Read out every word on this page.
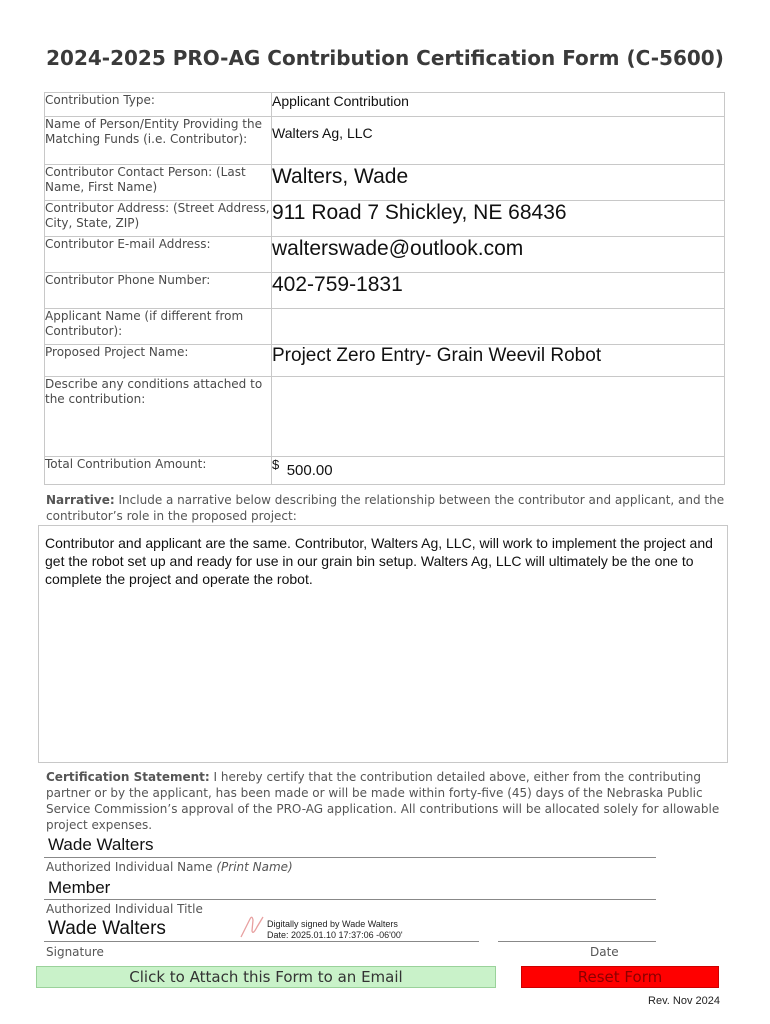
2024-2025 PRO-AG Contribution Certification Form (C-5600)
Contribution Type:	Applicant Contribution
Name of Person/Entity Providing the Matching Funds (i.e. Contributor):	Walters Ag, LLC
Contributor Contact Person: (Last Name, First Name)	Walters, Wade
Contributor Address: (Street Address, City, State, ZIP)	911 Road 7 Shickley, NE 68436
Contributor E-mail Address:	walterswade@outlook.com
Contributor Phone Number:	402-759-1831
Applicant Name (if different from Contributor):	
Proposed Project Name:	Project Zero Entry- Grain Weevil Robot
Describe any conditions attached to the contribution:	
Total Contribution Amount:	$ 500.00
Narrative: Include a narrative below describing the relationship between the contributor and applicant, and the contributor’s role in the proposed project:
Contributor and applicant are the same. Contributor, Walters Ag, LLC, will work to implement the project and get the robot set up and ready for use in our grain bin setup. Walters Ag, LLC will ultimately be the one to complete the project and operate the robot.
Certification Statement: I hereby certify that the contribution detailed above, either from the contributing partner or by the applicant, has been made or will be made within forty-five (45) days of the Nebraska Public Service Commission’s approval of the PRO-AG application. All contributions will be allocated solely for allowable project expenses.
Wade Walters
Authorized Individual Name (Print Name)
Member
Authorized Individual Title
Wade Walters	Digitally signed by Wade Walters
Date: 2025.01.10 17:37:06 -06'00'
Signature	Date
Click to Attach this Form to an Email	Reset Form
Rev. Nov 2024
